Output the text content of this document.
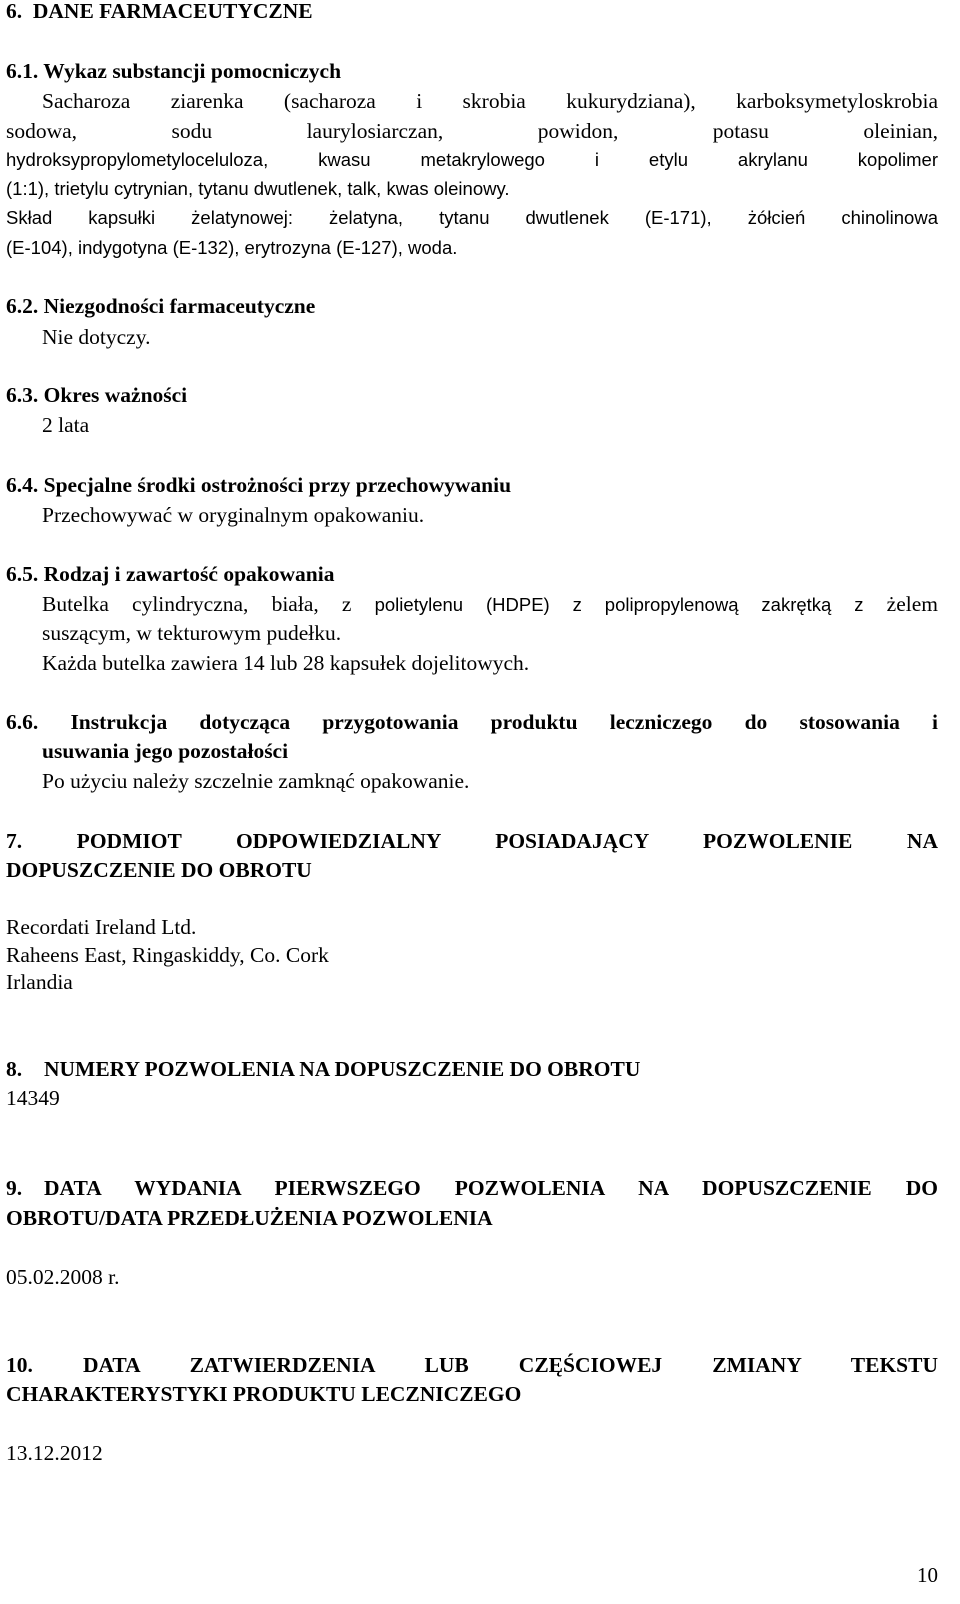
6.  DANE FARMACEUTYCZNE

6.1. Wykaz substancji pomocniczych

Sacharoza ziarenka (sacharoza i skrobia kukurydziana), karboksymetyloskrobia

sodowa, sodu laurylosiarczan, powidon, potasu oleinian,

hydroksypropylometyloceluloza, kwasu metakrylowego i etylu akrylanu kopolimer

(1:1), trietylu cytrynian, tytanu dwutlenek, talk, kwas oleinowy.

Skład kapsułki żelatynowej: żelatyna, tytanu dwutlenek (E-171), żółcień chinolinowa

(E-104), indygotyna (E-132), erytrozyna (E-127), woda.

6.2. Niezgodności farmaceutyczne

Nie dotyczy.

6.3. Okres ważności

2 lata

6.4. Specjalne środki ostrożności przy przechowywaniu

Przechowywać w oryginalnym opakowaniu.

6.5. Rodzaj i zawartość opakowania

Butelka cylindryczna, biała, z polietylenu (HDPE) z polipropylenową zakrętką z żelem

suszącym, w tekturowym pudełku.

Każda butelka zawiera 14 lub 28 kapsułek dojelitowych.

6.6. Instrukcja dotycząca przygotowania produktu leczniczego do stosowania i

usuwania jego pozostałości

Po użyciu należy szczelnie zamknąć opakowanie.

7. PODMIOT ODPOWIEDZIALNY POSIADAJĄCY POZWOLENIE NA

DOPUSZCZENIE DO OBROTU

Recordati Ireland Ltd.

Raheens East, Ringaskiddy, Co. Cork

Irlandia

8. NUMERY POZWOLENIA NA DOPUSZCZENIE DO OBROTU

14349

9. DATA WYDANIA PIERWSZEGO POZWOLENIA NA DOPUSZCZENIE DO

OBROTU/DATA PRZEDŁUŻENIA POZWOLENIA

05.02.2008 r.

10. DATA ZATWIERDZENIA LUB CZĘŚCIOWEJ ZMIANY TEKSTU

CHARAKTERYSTYKI PRODUKTU LECZNICZEGO

13.12.2012

10
